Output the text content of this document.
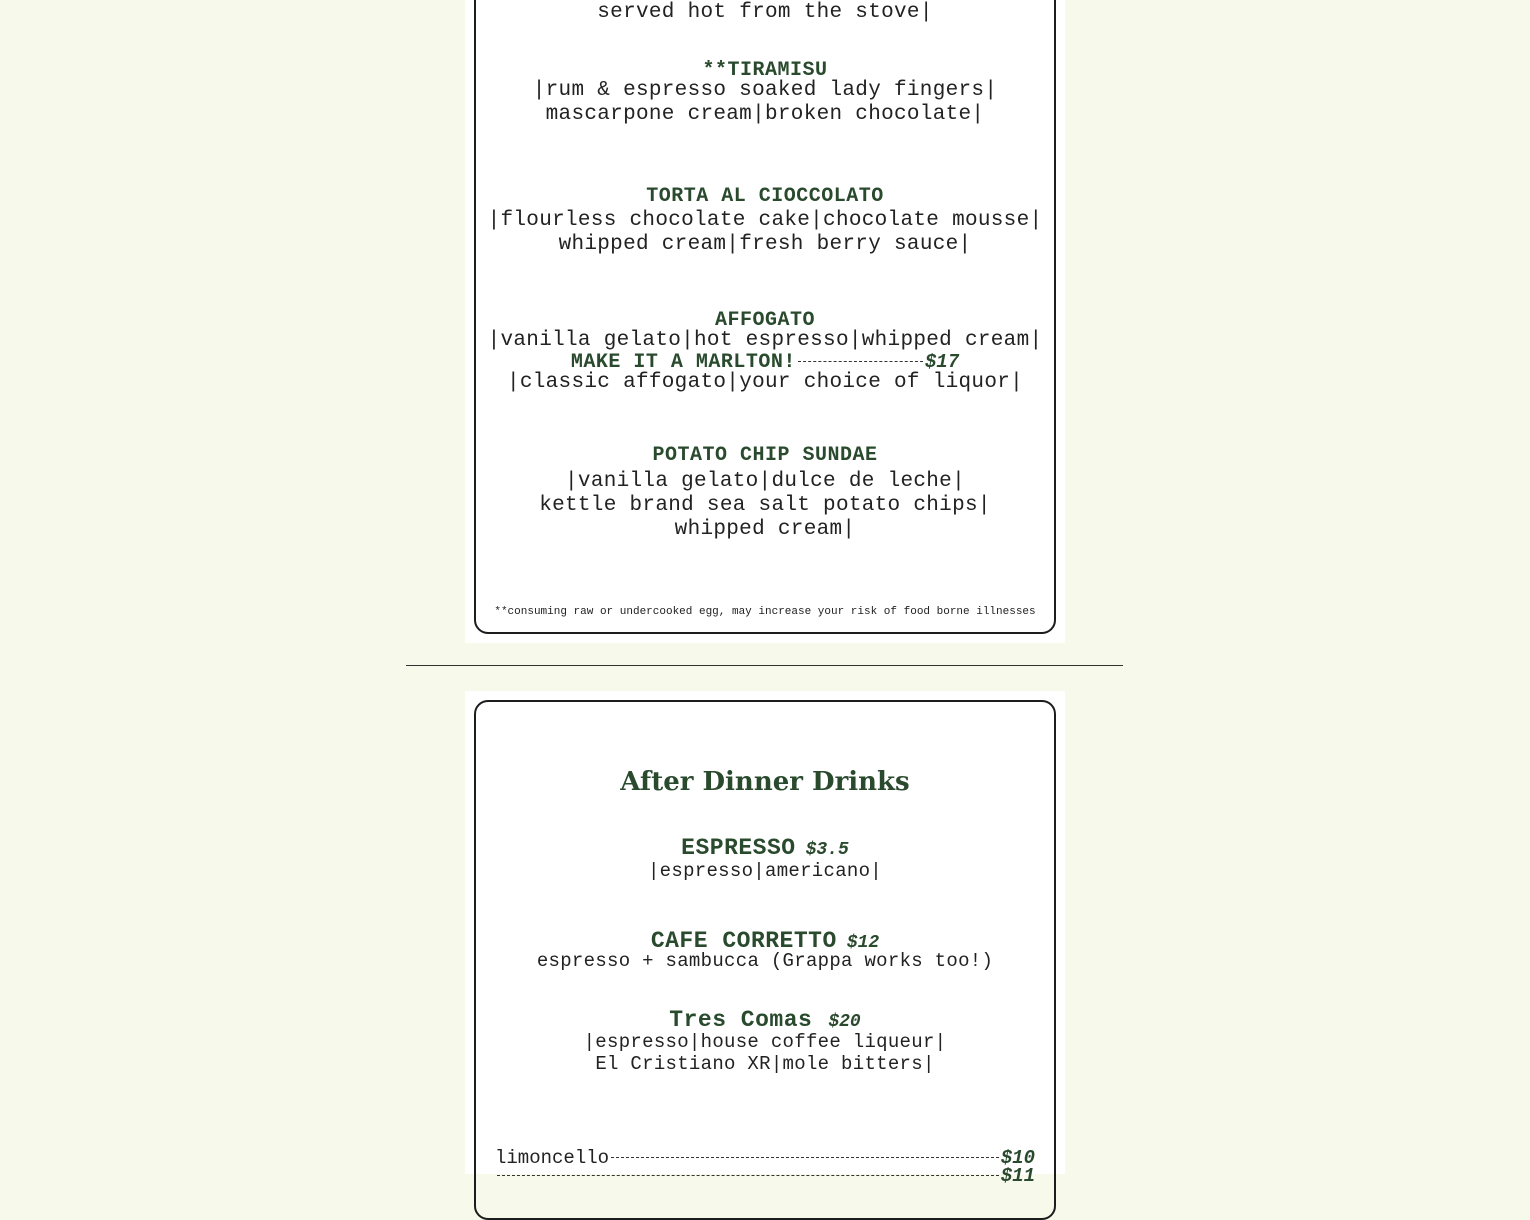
served hot from the stove|
**TIRAMISU
|rum & espresso soaked lady fingers|
mascarpone cream|broken chocolate|
TORTA AL CIOCCOLATO
|flourless chocolate cake|chocolate mousse|
whipped cream|fresh berry sauce|
AFFOGATO
|vanilla gelato|hot espresso|whipped cream|
MAKE IT A MARLTON!	$17
|classic affogato|your choice of liquor|
POTATO CHIP SUNDAE
|vanilla gelato|dulce de leche|
kettle brand sea salt potato chips|
whipped cream|
**consuming raw or undercooked egg, may increase your risk of food borne illnesses
After Dinner Drinks
ESPRESSO $3.5
|espresso|americano|
CAFE CORRETTO $12
espresso + sambucca (Grappa works too!)
Tres Comas $20
|espresso|house coffee liqueur|
El Cristiano XR|mole bitters|
limoncello	$10
$11
